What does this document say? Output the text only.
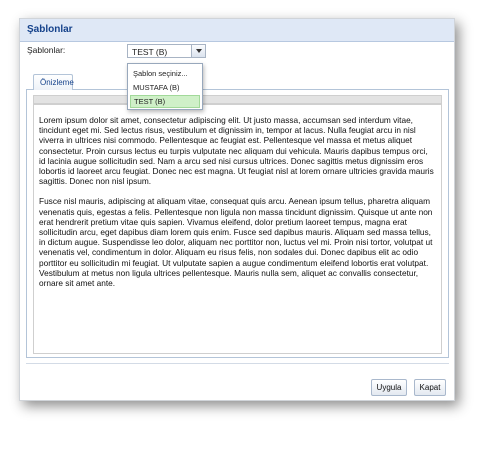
Şablonlar
Şablonlar:	TEST (B)
Şablon seçiniz...
MUSTAFA (B)
TEST (B)
Önizleme

Lorem ipsum dolor sit amet, consectetur adipiscing elit. Ut justo massa, accumsan sed interdum vitae, tincidunt eget mi. Sed lectus risus, vestibulum et dignissim in, tempor at lacus. Nulla feugiat arcu in nisl viverra in ultrices nisi commodo. Pellentesque ac feugiat est. Pellentesque vel massa et metus aliquet consectetur. Proin cursus lectus eu turpis vulputate nec aliquam dui vehicula. Mauris dapibus tempus orci, id lacinia augue sollicitudin sed. Nam a arcu sed nisi cursus ultrices. Donec sagittis metus dignissim eros lobortis id laoreet arcu feugiat. Donec nec est magna. Ut feugiat nisl at lorem ornare ultricies gravida mauris sagittis. Donec non nisl ipsum.

Fusce nisl mauris, adipiscing at aliquam vitae, consequat quis arcu. Aenean ipsum tellus, pharetra aliquam venenatis quis, egestas a felis. Pellentesque non ligula non massa tincidunt dignissim. Quisque ut ante non erat hendrerit pretium vitae quis sapien. Vivamus eleifend, dolor pretium laoreet tempus, magna erat sollicitudin arcu, eget dapibus diam lorem quis enim. Fusce sed dapibus mauris. Aliquam sed massa tellus, in dictum augue. Suspendisse leo dolor, aliquam nec porttitor non, luctus vel mi. Proin nisi tortor, volutpat ut venenatis vel, condimentum in dolor. Aliquam eu risus felis, non sodales dui. Donec dapibus elit ac odio porttitor eu sollicitudin mi feugiat. Ut vulputate sapien a augue condimentum eleifend lobortis erat volutpat. Vestibulum at metus non ligula ultrices pellentesque. Mauris nulla sem, aliquet ac convallis consectetur, ornare sit amet ante.

Uygula	Kapat
